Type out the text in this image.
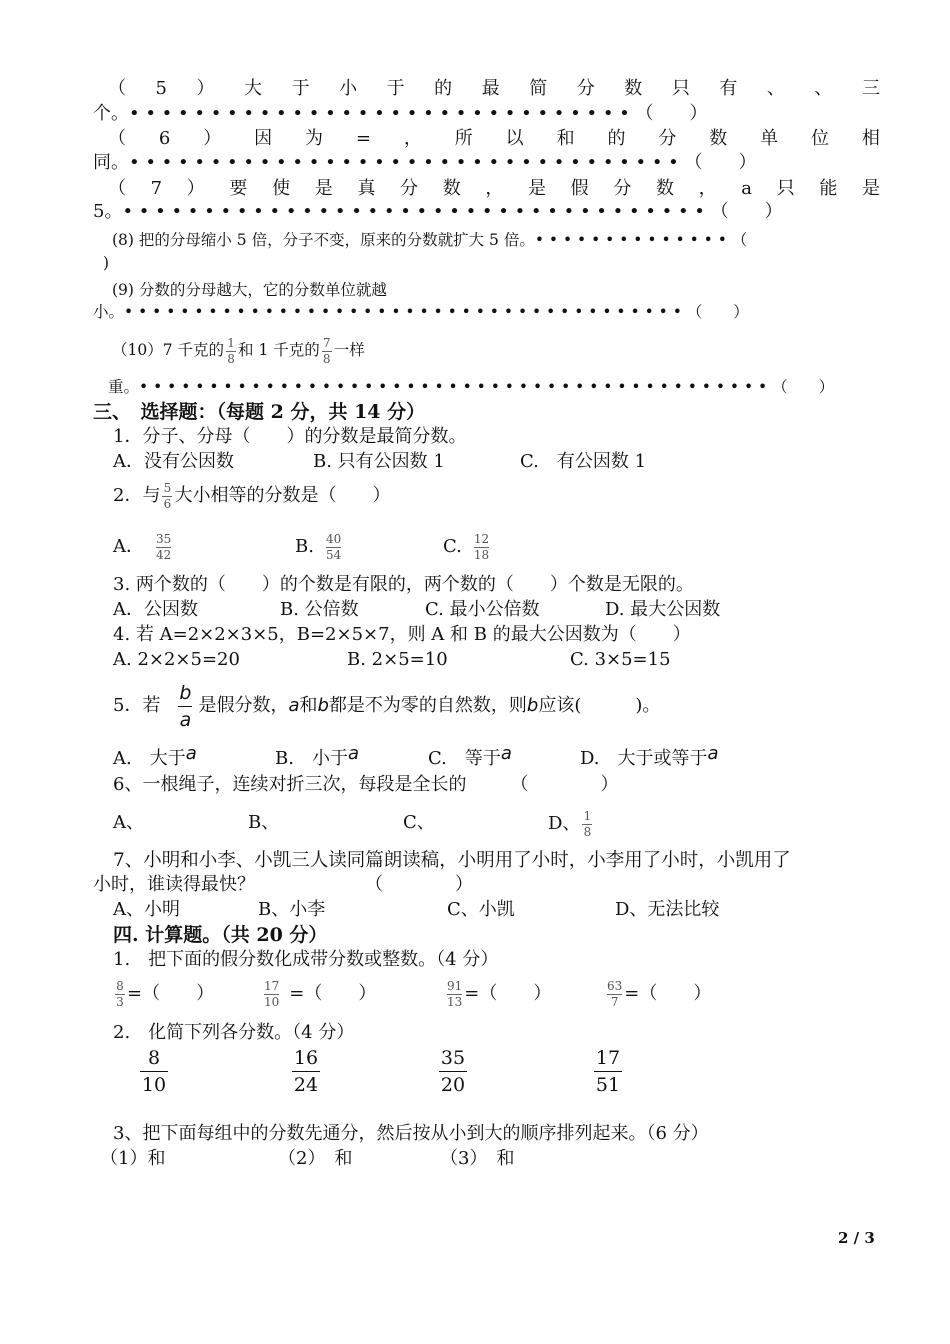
（ 5 ） 大 于 小 于 的 最 简 分 数 只 有 、 、 三
个。• • • • • • • • • • • • • • • • • • • • • • • • • • • • • • • （　　）
（ 6 ） 因 为 = ， 所 以 和 的 分 数 单 位 相
同。• • • • • • • • • • • • • • • • • • • • • • • • • • • • • • • • • • （　　）
（ 7 ） 要 使 是 真 分 数 ， 是 假 分 数 ， a 只 能 是
5。• • • • • • • • • • • • • • • • • • • • • • • • • • • • • • • • • • • • （　　）
(8) 把的分母缩小 5 倍，分子不变，原来的分数就扩大 5 倍。• • • • • • • • • • • • • • （
)
(9) 分数的分母越大，它的分数单位就越
小。• • • • • • • • • • • • • • • • • • • • • • • • • • • • • • • • • • • • • • • • （　　）
（10）7 千克的 $\frac{1}{8}$ 和 1 千克的 $\frac{7}{8}$ 一样
重。• • • • • • • • • • • • • • • • • • • • • • • • • • • • • • • • • • • • • • • • • • • • • （　　）
三、　选择题：（每题 2 分，共 14 分）
1．分子、分母（　　）的分数是最简分数。
A．没有公因数	B. 只有公因数 1	C.　有公因数 1
2．与 $\frac{5}{6}$ 大小相等的分数是（　　）
A． $\frac{35}{42}$	B. $\frac{40}{54}$	C. $\frac{12}{18}$
3. 两个数的（　　）的个数是有限的，两个数的（　　）个数是无限的。
A．公因数	B. 公倍数	C. 最小公倍数	D. 最大公因数
4. 若 A=2×2×3×5，B=2×5×7，则 A 和 B 的最大公因数为（　　）
A. 2×2×5=20	B. 2×5=10	C. 3×5=15
5．若 $\frac{b}{a}$ 是假分数，a和b都是不为零的自然数，则b应该(　　　)。
A.　大于a	B.　小于a	C.　等于a	D.　大于或等于a
6、一根绳子，连续对折三次，每段是全长的 （　　　　）
A、	B、	C、	D、 $\frac{1}{8}$
7、小明和小李、小凯三人读同篇朗读稿，小明用了小时，小李用了小时，小凯用了
小时，谁读得最快？	（　　　　）
A、小明	B、小李	C、小凯	D、无法比较
四. 计算题。（共 20 分）
1.　把下面的假分数化成带分数或整数。（4 分）
$\frac{8}{3}$ =（　　）	$\frac{17}{10}$ =（　　）	$\frac{91}{13}$ =（　　）	$\frac{63}{7}$ =（　　）
2.　化简下列各分数。（4 分）
$\frac{8}{10}$	$\frac{16}{24}$	$\frac{35}{20}$	$\frac{17}{51}$
3、把下面每组中的分数先通分，然后按从小到大的顺序排列起来。（6 分）
（1）和	（2）　和	（3）　和
2 / 3
